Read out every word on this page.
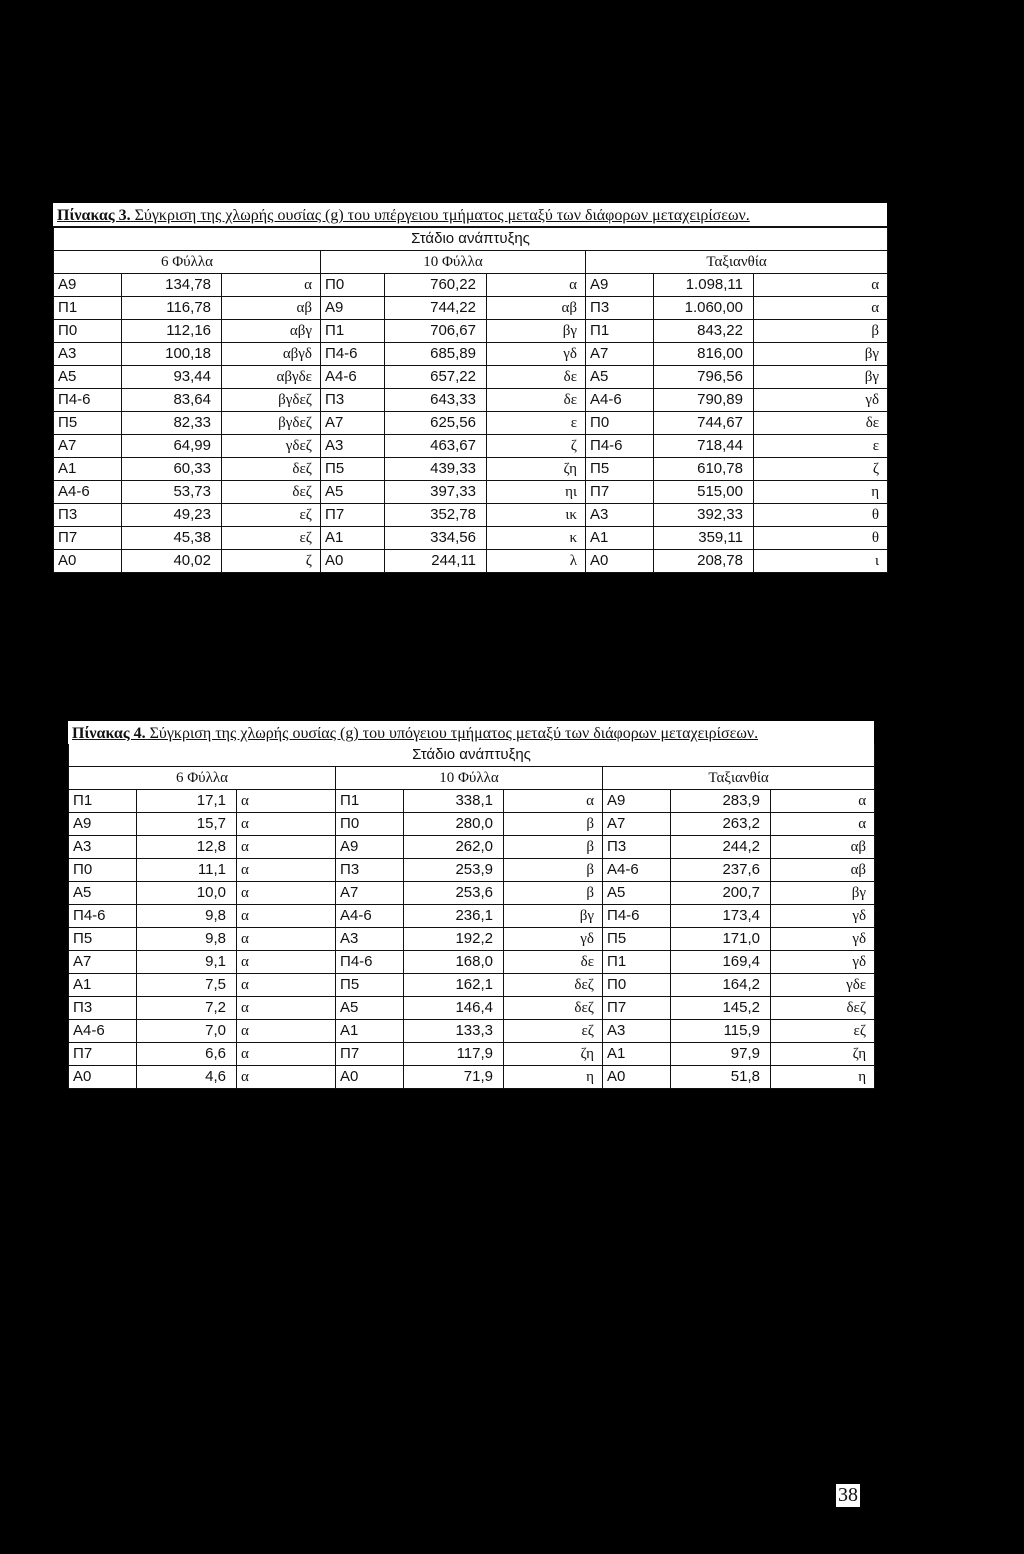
Πίνακας 3. Σύγκριση της χλωρής ουσίας (g) του υπέργειου τμήματος μεταξύ των διάφορων μεταχειρίσεων.
Στάδιο ανάπτυξης								
6 Φύλλα			10 Φύλλα			Ταξιανθία		
Α9	134,78	α	Π0	760,22	α	Α9	1.098,11	α
Π1	116,78	αβ	Α9	744,22	αβ	Π3	1.060,00	α
Π0	112,16	αβγ	Π1	706,67	βγ	Π1	843,22	β
Α3	100,18	αβγδ	Π4-6	685,89	γδ	Α7	816,00	βγ
Α5	93,44	αβγδε	Α4-6	657,22	δε	Α5	796,56	βγ
Π4-6	83,64	βγδεζ	Π3	643,33	δε	Α4-6	790,89	γδ
Π5	82,33	βγδεζ	Α7	625,56	ε	Π0	744,67	δε
Α7	64,99	γδεζ	Α3	463,67	ζ	Π4-6	718,44	ε
Α1	60,33	δεζ	Π5	439,33	ζη	Π5	610,78	ζ
Α4-6	53,73	δεζ	Α5	397,33	ηι	Π7	515,00	η
Π3	49,23	εζ	Π7	352,78	ικ	Α3	392,33	θ
Π7	45,38	εζ	Α1	334,56	κ	Α1	359,11	θ
Α0	40,02	ζ	Α0	244,11	λ	Α0	208,78	ι
Πίνακας 4. Σύγκριση της χλωρής ουσίας (g) του υπόγειου τμήματος μεταξύ των διάφορων μεταχειρίσεων.
Στάδιο ανάπτυξης								
6 Φύλλα			10 Φύλλα			Ταξιανθία		
Π1	17,1	α	Π1	338,1	α	Α9	283,9	α
Α9	15,7	α	Π0	280,0	β	Α7	263,2	α
Α3	12,8	α	Α9	262,0	β	Π3	244,2	αβ
Π0	11,1	α	Π3	253,9	β	Α4-6	237,6	αβ
Α5	10,0	α	Α7	253,6	β	Α5	200,7	βγ
Π4-6	9,8	α	Α4-6	236,1	βγ	Π4-6	173,4	γδ
Π5	9,8	α	Α3	192,2	γδ	Π5	171,0	γδ
Α7	9,1	α	Π4-6	168,0	δε	Π1	169,4	γδ
Α1	7,5	α	Π5	162,1	δεζ	Π0	164,2	γδε
Π3	7,2	α	Α5	146,4	δεζ	Π7	145,2	δεζ
Α4-6	7,0	α	Α1	133,3	εζ	Α3	115,9	εζ
Π7	6,6	α	Π7	117,9	ζη	Α1	97,9	ζη
Α0	4,6	α	Α0	71,9	η	Α0	51,8	η
38
